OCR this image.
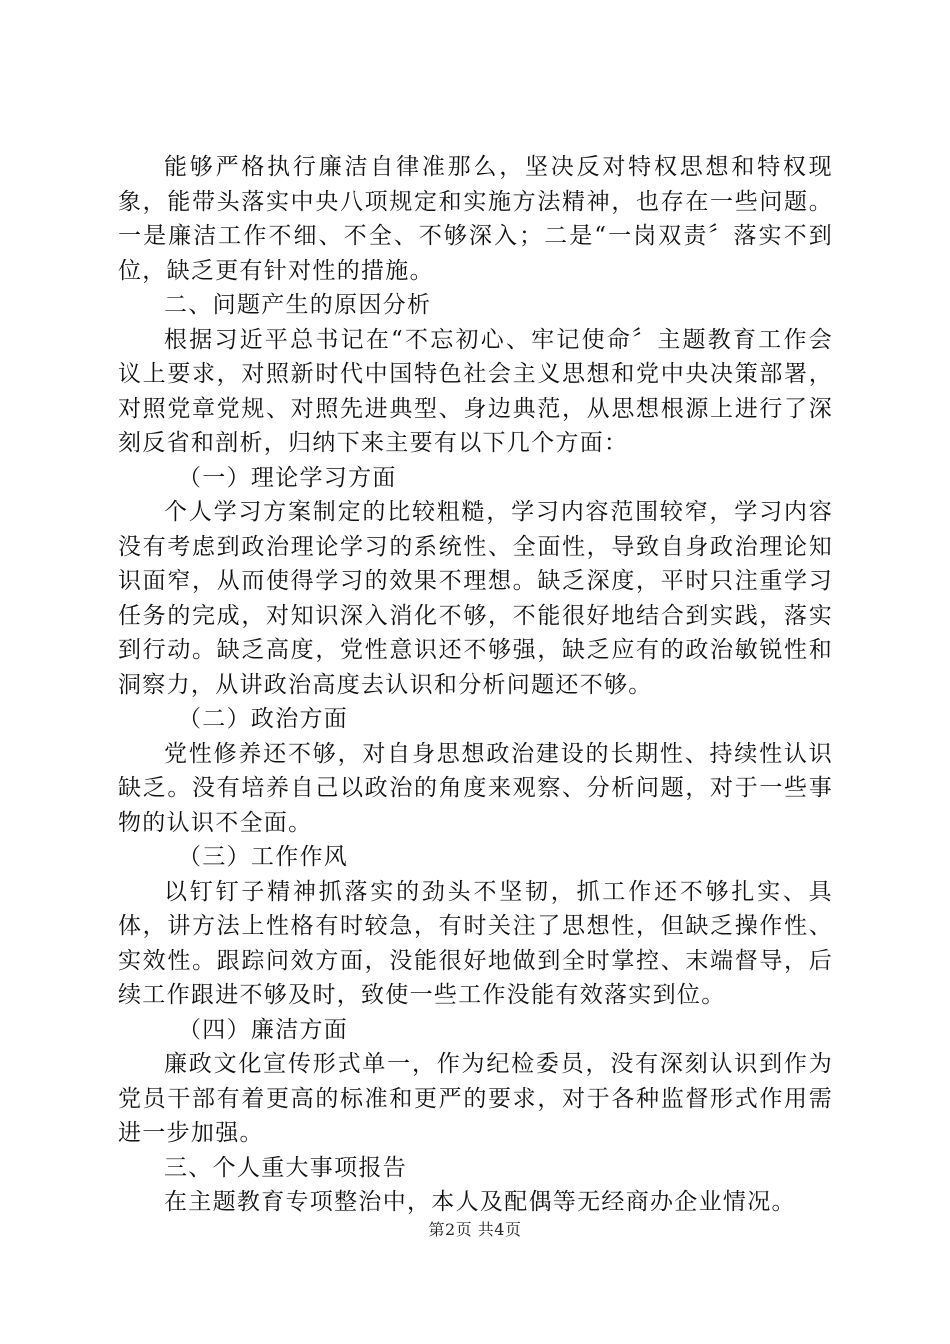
能够严格执行廉洁自律准那么，坚决反对特权思想和特权现象，能带头落实中央八项规定和实施方法精神，也存在一些问题。一是廉洁工作不细、不全、不够深入；二是“一岗双责〞落实不到位，缺乏更有针对性的措施。

二、问题产生的原因分析

根据习近平总书记在“不忘初心、牢记使命〞主题教育工作会议上要求，对照新时代中国特色社会主义思想和党中央决策部署，对照党章党规、对照先进典型、身边典范，从思想根源上进行了深刻反省和剖析，归纳下来主要有以下几个方面：

（一）理论学习方面

个人学习方案制定的比较粗糙，学习内容范围较窄，学习内容没有考虑到政治理论学习的系统性、全面性，导致自身政治理论知识面窄，从而使得学习的效果不理想。缺乏深度，平时只注重学习任务的完成，对知识深入消化不够，不能很好地结合到实践，落实到行动。缺乏高度，党性意识还不够强，缺乏应有的政治敏锐性和洞察力，从讲政治高度去认识和分析问题还不够。

（二）政治方面

党性修养还不够，对自身思想政治建设的长期性、持续性认识缺乏。没有培养自己以政治的角度来观察、分析问题，对于一些事物的认识不全面。

（三）工作作风

以钉钉子精神抓落实的劲头不坚韧，抓工作还不够扎实、具体，讲方法上性格有时较急，有时关注了思想性，但缺乏操作性、实效性。跟踪问效方面，没能很好地做到全时掌控、末端督导，后续工作跟进不够及时，致使一些工作没能有效落实到位。

（四）廉洁方面

廉政文化宣传形式单一，作为纪检委员，没有深刻认识到作为党员干部有着更高的标准和更严的要求，对于各种监督形式作用需进一步加强。

三、个人重大事项报告

在主题教育专项整治中，本人及配偶等无经商办企业情况。

第2页 共4页
